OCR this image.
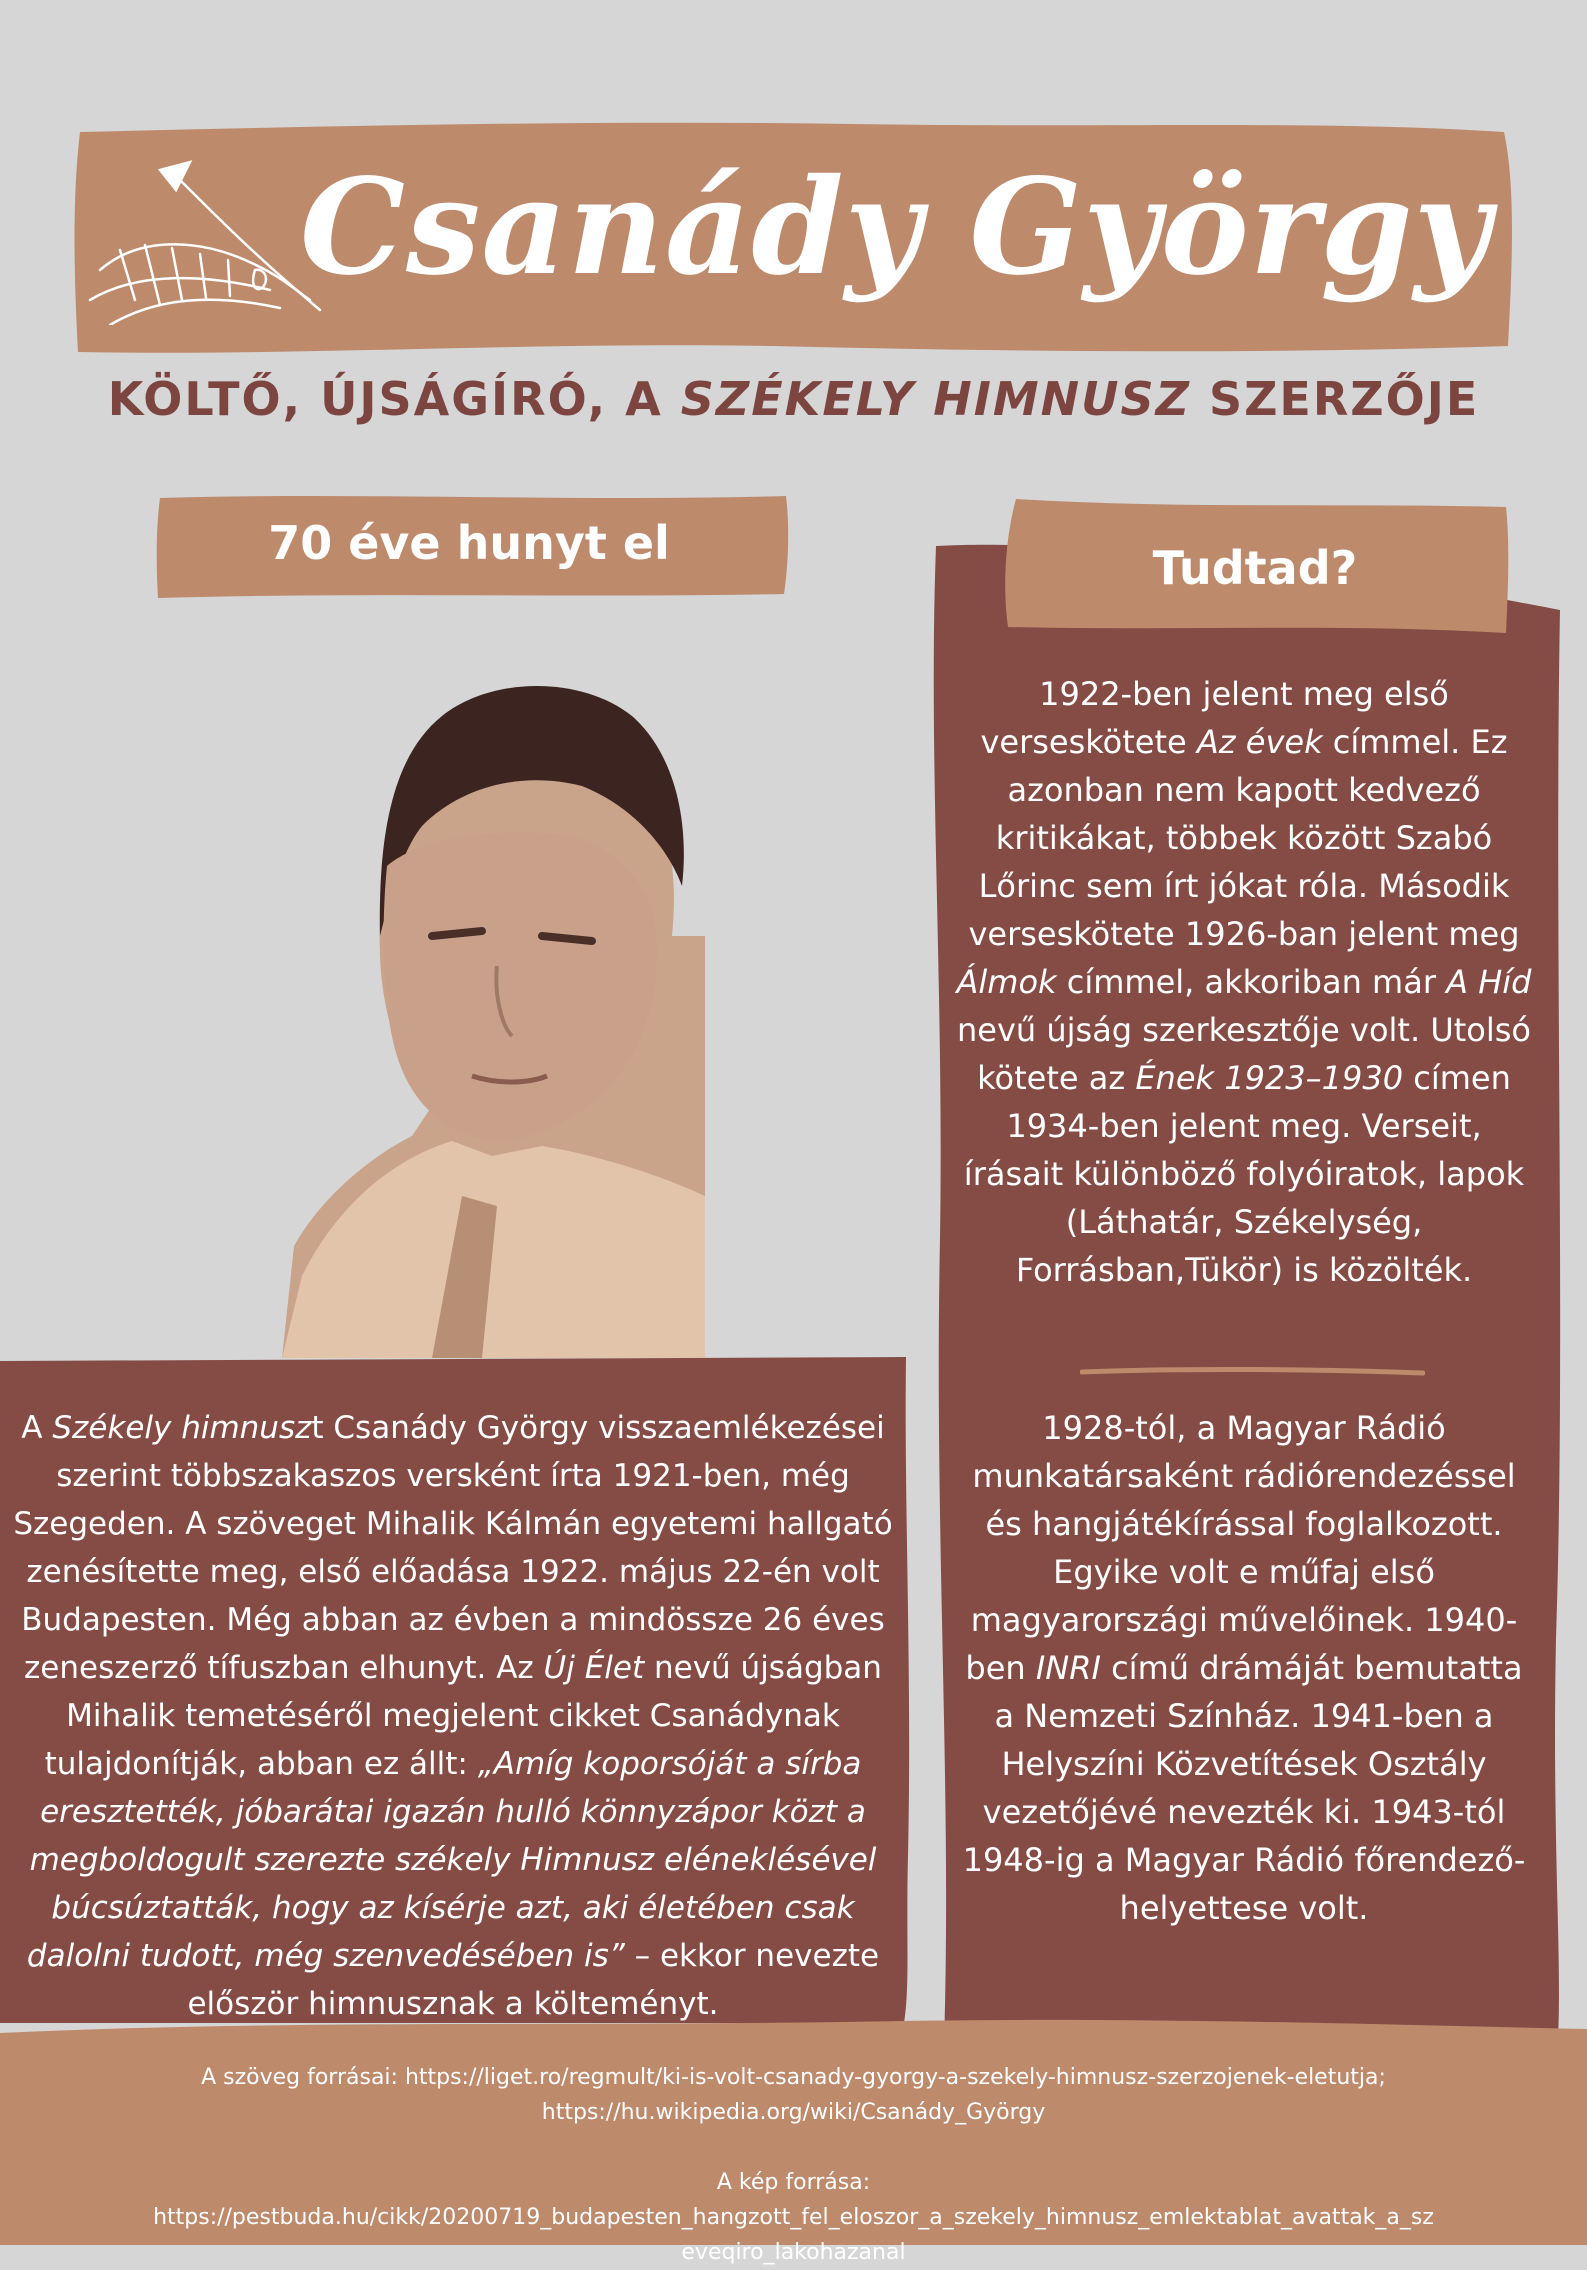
Csanády György
KÖLTŐ, ÚJSÁGÍRÓ, A SZÉKELY HIMNUSZ SZERZŐJE
70 éve hunyt el	Tudtad?
1922-ben jelent meg első verseskötete Az évek címmel. Ez azonban nem kapott kedvező kritikákat, többek között Szabó Lőrinc sem írt jókat róla. Második verseskötete 1926-ban jelent meg Álmok címmel, akkoriban már A Híd nevű újság szerkesztője volt. Utolsó kötete az Ének 1923–1930 címen 1934-ben jelent meg. Verseit, írásait különböző folyóiratok, lapok (Láthatár, Székelység, Forrásban,Tükör) is közölték.
1928-tól, a Magyar Rádió munkatársaként rádiórendezéssel és hangjátékírással foglalkozott. Egyike volt e műfaj első magyarországi művelőinek. 1940-ben INRI című drámáját bemutatta a Nemzeti Színház. 1941-ben a Helyszíni Közvetítések Osztály vezetőjévé nevezték ki. 1943-tól 1948-ig a Magyar Rádió főrendező-helyettese volt.
A Székely himnuszt Csanády György visszaemlékezései szerint többszakaszos versként írta 1921-ben, még Szegeden. A szöveget Mihalik Kálmán egyetemi hallgató zenésítette meg, első előadása 1922. május 22-én volt Budapesten. Még abban az évben a mindössze 26 éves zeneszerző tífuszban elhunyt. Az Új Élet nevű újságban Mihalik temetéséről megjelent cikket Csanádynak tulajdonítják, abban ez állt: „Amíg koporsóját a sírba eresztették, jóbarátai igazán hulló könnyzápor közt a megboldogult szerezte székely Himnusz eléneklésével búcsúztatták, hogy az kísérje azt, aki életében csak dalolni tudott, még szenvedésében is” – ekkor nevezte először himnusznak a költeményt.
A szöveg forrásai: https://liget.ro/regmult/ki-is-volt-csanady-gyorgy-a-szekely-himnusz-szerzojenek-eletutja;
https://hu.wikipedia.org/wiki/Csanády_György

A kép forrása:
https://pestbuda.hu/cikk/20200719_budapesten_hangzott_fel_eloszor_a_szekely_himnusz_emlektablat_avattak_a_szeveqiro_lakohazanal
